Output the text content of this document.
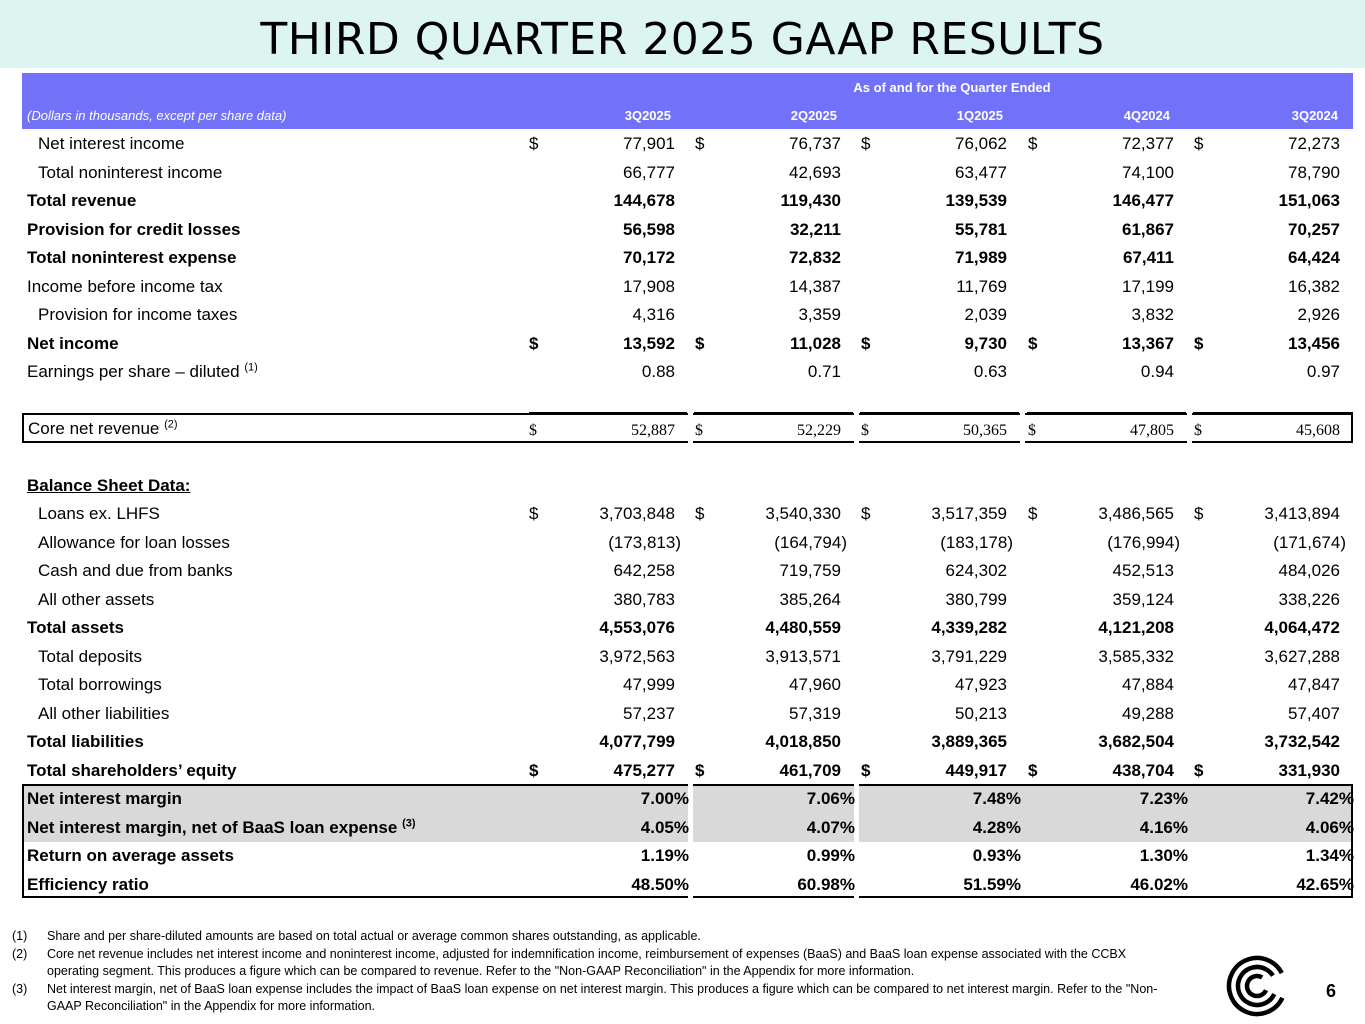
THIRD QUARTER 2025 GAAP RESULTS
As of and for the Quarter Ended
(Dollars in thousands, except per share data)	3Q2025	2Q2025	1Q2025	4Q2024	3Q2024
Net interest income	$	77,901 $	76,737 $	76,062 $	72,377 $	72,273
Total noninterest income	66,777	42,693	63,477	74,100	78,790
Total revenue	144,678	119,430	139,539	146,477	151,063
Provision for credit losses	56,598	32,211	55,781	61,867	70,257
Total noninterest expense	70,172	72,832	71,989	67,411	64,424
Income before income tax	17,908	14,387	11,769	17,199	16,382
Provision for income taxes	4,316	3,359	2,039	3,832	2,926
Net income	$	13,592 $	11,028 $	9,730 $	13,367 $	13,456
Earnings per share – diluted $^{(1)}$	0.88	0.71	0.63	0.94	0.97
Core net revenue $^{(2)}$	$	52,887 $	52,229 $	50,365 $	47,805 $	45,608
Balance Sheet Data:
Loans ex. LHFS	$	3,703,848 $	3,540,330 $	3,517,359 $	3,486,565 $	3,413,894
Allowance for loan losses	(173,813)	(164,794)	(183,178)	(176,994)	(171,674)
Cash and due from banks	642,258	719,759	624,302	452,513	484,026
All other assets	380,783	385,264	380,799	359,124	338,226
Total assets	4,553,076	4,480,559	4,339,282	4,121,208	4,064,472
Total deposits	3,972,563	3,913,571	3,791,229	3,585,332	3,627,288
Total borrowings	47,999	47,960	47,923	47,884	47,847
All other liabilities	57,237	57,319	50,213	49,288	57,407
Total liabilities	4,077,799	4,018,850	3,889,365	3,682,504	3,732,542
Total shareholders’ equity	$	475,277 $	461,709 $	449,917 $	438,704 $	331,930
Net interest margin	7.00%	7.06%	7.48%	7.23%	7.42%
Net interest margin, net of BaaS loan expense $^{(3)}$	4.05%	4.07%	4.28%	4.16%	4.06%
Return on average assets	1.19%	0.99%	0.93%	1.30%	1.34%
Efficiency ratio	48.50%	60.98%	51.59%	46.02%	42.65%
(1) Share and per share-diluted amounts are based on total actual or average common shares outstanding, as applicable.
(2) Core net revenue includes net interest income and noninterest income, adjusted for indemnification income, reimbursement of expenses (BaaS) and BaaS loan expense associated with the CCBX operating segment. This produces a figure which can be compared to revenue. Refer to the "Non-GAAP Reconciliation" in the Appendix for more information.
(3) Net interest margin, net of BaaS loan expense includes the impact of BaaS loan expense on net interest margin. This produces a figure which can be compared to net interest margin. Refer to the "Non-GAAP Reconciliation" in the Appendix for more information.
6
